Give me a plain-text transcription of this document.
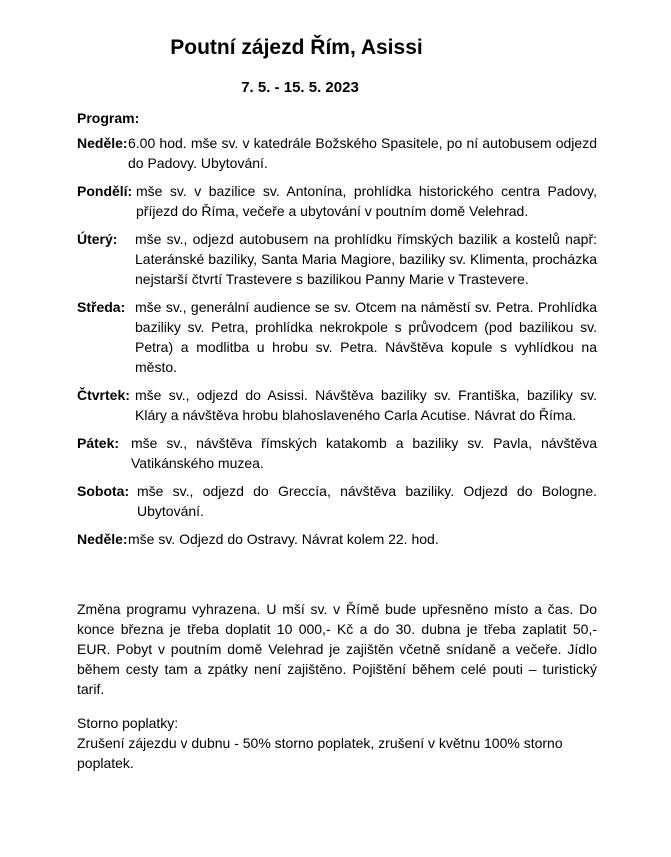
Poutní zájezd Řím, Asissi

7. 5. - 15. 5. 2023

Program:

Neděle: 6.00 hod. mše sv. v katedrále Božského Spasitele, po ní autobusem odjezd do Padovy. Ubytování.
Pondělí: mše sv. v bazilice sv. Antonína, prohlídka historického centra Padovy, příjezd do Říma, večeře a ubytování v poutním domě Velehrad.
Úterý:	mše sv., odjezd autobusem na prohlídku římských bazilik a kostelů např: Lateránské baziliky, Santa Maria Magiore, baziliky sv. Klimenta, procházka nejstarší čtvrtí Trastevere s bazilikou Panny Marie v Trastevere.
Středa: mše sv., generální audience se sv. Otcem na náměstí sv. Petra. Prohlídka baziliky sv. Petra, prohlídka nekrokpole s průvodcem (pod bazilikou sv. Petra) a modlitba u hrobu sv. Petra. Návštěva kopule s vyhlídkou na město.
Čtvrtek: mše sv., odjezd do Asissi. Návštěva baziliky sv. Františka, baziliky sv. Kláry a návštěva hrobu blahoslaveného Carla Acutise. Návrat do Říma.
Pátek: mše sv., návštěva římských katakomb a baziliky sv. Pavla, návštěva Vatikánského muzea.
Sobota: mše sv., odjezd do Greccía, návštěva baziliky. Odjezd do Bologne. Ubytování.
Neděle: mše sv. Odjezd do Ostravy. Návrat kolem 22. hod.

Změna programu vyhrazena. U mší sv. v Římě bude upřesněno místo a čas. Do konce března je třeba doplatit 10 000,- Kč a do 30. dubna je třeba zaplatit 50,- EUR. Pobyt v poutním domě Velehrad je zajištěn včetně snídaně a večeře. Jídlo během cesty tam a zpátky není zajištěno. Pojištění během celé pouti – turistický tarif.

Storno poplatky:

Zrušení zájezdu v dubnu - 50% storno poplatek, zrušení v květnu 100% storno poplatek.
